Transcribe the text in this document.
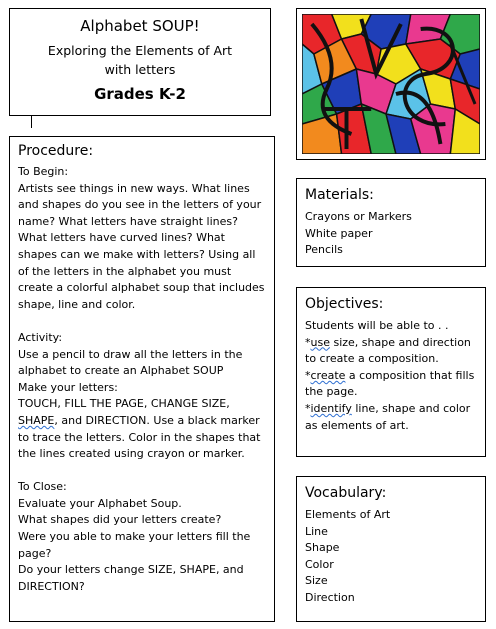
Alphabet SOUP!
Exploring the Elements of Art
with letters
Grades K-2
Procedure:

To Begin:

Artists see things in new ways. What lines and shapes do you see in the letters of your name? What letters have straight lines? What letters have curved lines? What shapes can we make with letters? Using all of the letters in the alphabet you must create a colorful alphabet soup that includes shape, line and color.

Activity:

Use a pencil to draw all the letters in the alphabet to create an Alphabet SOUP

Make your letters:

TOUCH, FILL THE PAGE, CHANGE SIZE, SHAPE, and DIRECTION. Use a black marker to trace the letters. Color in the shapes that the lines created using crayon or marker.

To Close:

Evaluate your Alphabet Soup.

What shapes did your letters create?

Were you able to make your letters fill the page?

Do your letters change SIZE, SHAPE, and DIRECTION?

Materials:
Crayons or Markers
White paper
Pencils
Objectives:
Students will be able to . .
*use size, shape and direction to create a composition.
*create a composition that fills the page.
*identify line, shape and color as elements of art.
Vocabulary:
Elements of Art
Line
Shape
Color
Size
Direction
